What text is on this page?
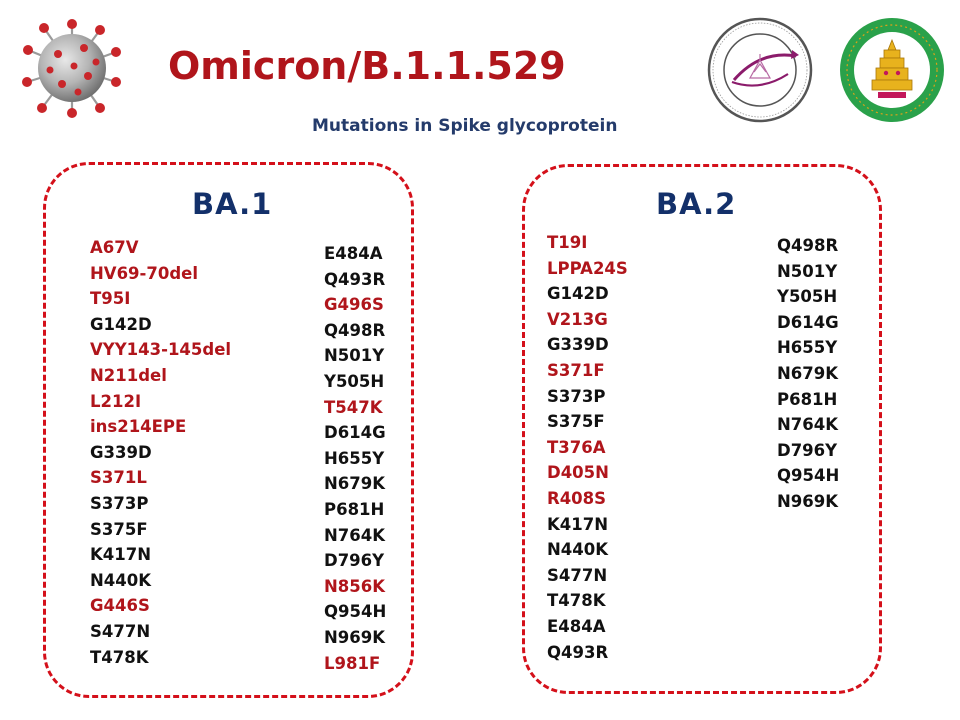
Omicron/B.1.1.529
Mutations in Spike glycoprotein
BA.1
A67V
HV69-70del
T95I
G142D
VYY143-145del
N211del
L212I
ins214EPE
G339D
S371L
S373P
S375F
K417N
N440K
G446S
S477N
T478K
E484A
Q493R
G496S
Q498R
N501Y
Y505H
T547K
D614G
H655Y
N679K
P681H
N764K
D796Y
N856K
Q954H
N969K
L981F
BA.2
T19I
LPPA24S
G142D
V213G
G339D
S371F
S373P
S375F
T376A
D405N
R408S
K417N
N440K
S477N
T478K
E484A
Q493R
Q498R
N501Y
Y505H
D614G
H655Y
N679K
P681H
N764K
D796Y
Q954H
N969K
